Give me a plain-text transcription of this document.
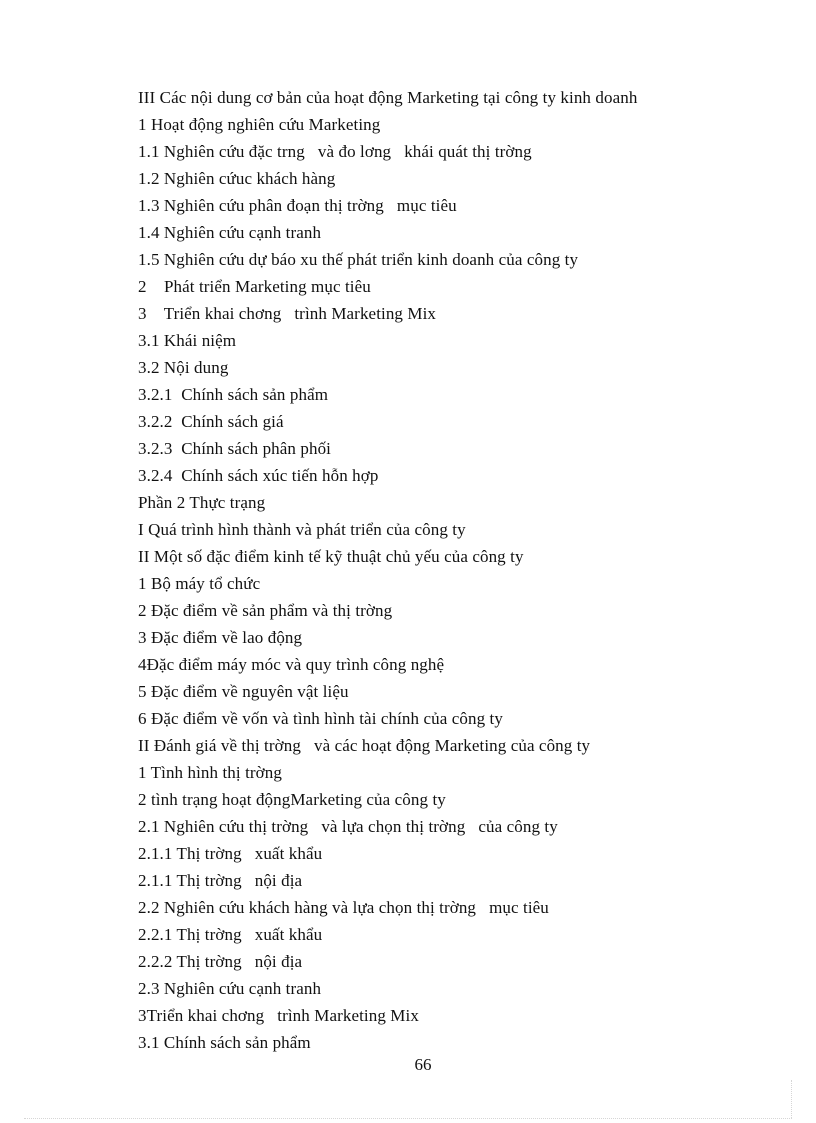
III Các nội dung cơ bản của hoạt động Marketing tại công ty kinh doanh
1 Hoạt động nghiên cứu Marketing
1.1 Nghiên cứu đặc trng   và đo lơng   khái quát thị trờng
1.2 Nghiên cứuc khách hàng
1.3 Nghiên cứu phân đoạn thị trờng   mục tiêu
1.4 Nghiên cứu cạnh tranh
1.5 Nghiên cứu dự báo xu thế phát triển kinh doanh của công ty
2    Phát triển Marketing mục tiêu
3    Triển khai chơng   trình Marketing Mix
3.1 Khái niệm
3.2 Nội dung
3.2.1  Chính sách sản phẩm
3.2.2  Chính sách giá
3.2.3  Chính sách phân phối
3.2.4  Chính sách xúc tiến hỗn hợp
Phần 2 Thực trạng
I Quá trình hình thành và phát triển của công ty
II Một số đặc điểm kinh tế kỹ thuật chủ yếu của công ty
1 Bộ máy tổ chức
2 Đặc điểm về sản phẩm và thị trờng
3 Đặc điểm về lao động
4Đặc điểm máy móc và quy trình công nghệ
5 Đặc điểm về nguyên vật liệu
6 Đặc điểm về vốn và tình hình tài chính của công ty
II Đánh giá về thị trờng   và các hoạt động Marketing của công ty
1 Tình hình thị trờng
2 tình trạng hoạt độngMarketing của công ty
2.1 Nghiên cứu thị trờng   và lựa chọn thị trờng   của công ty
2.1.1 Thị trờng   xuất khẩu
2.1.1 Thị trờng   nội địa
2.2 Nghiên cứu khách hàng và lựa chọn thị trờng   mục tiêu
2.2.1 Thị trờng   xuất khẩu
2.2.2 Thị trờng   nội địa
2.3 Nghiên cứu cạnh tranh
3Triển khai chơng   trình Marketing Mix
3.1 Chính sách sản phẩm
66
